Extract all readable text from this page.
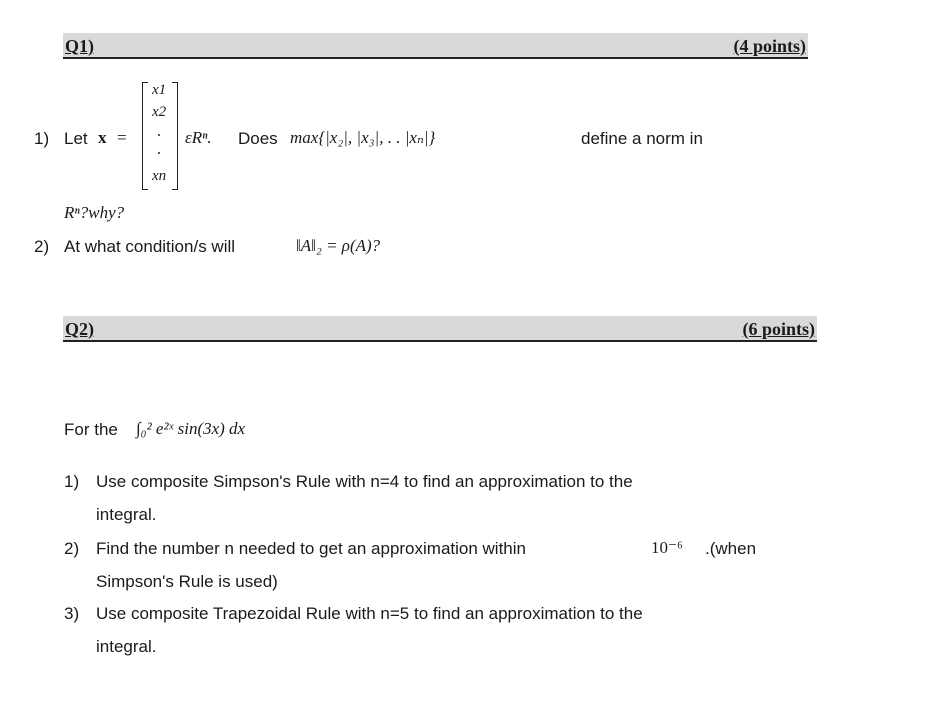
Q1)	(4 points)
1) Let x =
x1
x2
xn
εRⁿ. Does max{|x₂|, |x₃|, . . |xₙ|}	define a norm in
Rⁿ?why?
2) At what condition/s will	‖A‖₂ = ρ(A)?
Q2)	(6 points)
For the ∫₀² e²ˣ sin(3x) dx
1) Use composite Simpson's Rule with n=4 to find an approximation to the
integral.
2) Find the number n needed to get an approximation within	10⁻⁶ .(when
Simpson's Rule is used)
3) Use composite Trapezoidal Rule with n=5 to find an approximation to the
integral.
